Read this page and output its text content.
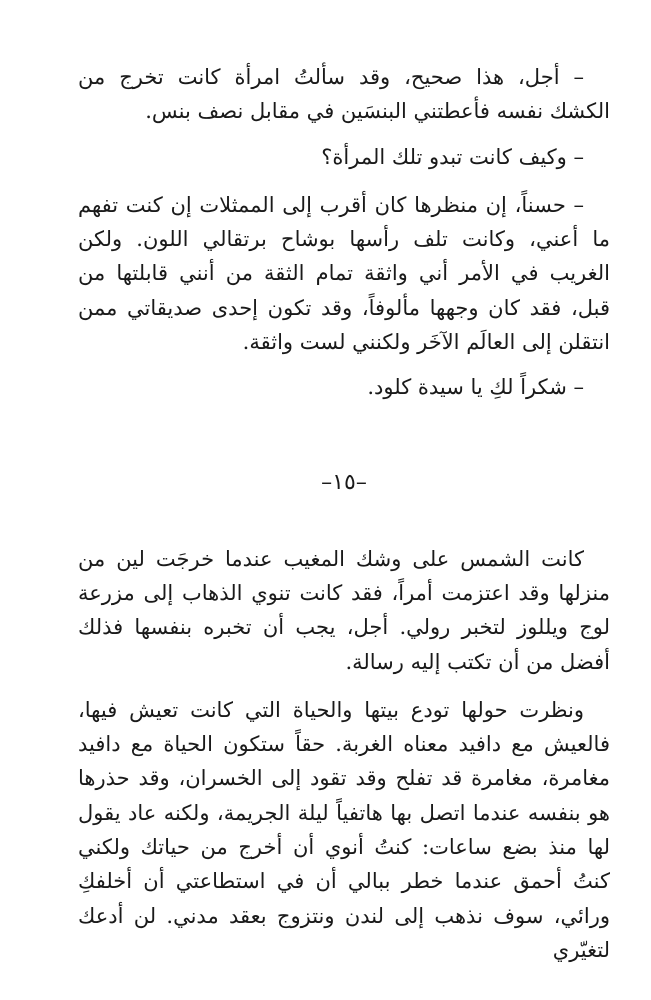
– أجل، هذا صحيح، وقد سألتُ امرأة كانت تخرج من الكشك نفسه فأعطتني البنسَين في مقابل نصف بنس.

– وكيف كانت تبدو تلك المرأة؟

– حسناً، إن منظرها كان أقرب إلى الممثلات إن كنت تفهم ما أعني، وكانت تلف رأسها بوشاح برتقالي اللون. ولكن الغريب في الأمر أني واثقة تمام الثقة من أنني قابلتها من قبل، فقد كان وجهها مألوفاً، وقد تكون إحدى صديقاتي ممن انتقلن إلى العالَم الآخَر ولكنني لست واثقة.

– شكراً لكِ يا سيدة كلود.

–١٥–

كانت الشمس على وشك المغيب عندما خرجَت لين من منزلها وقد اعتزمت أمراً، فقد كانت تنوي الذهاب إلى مزرعة لوج ويللوز لتخبر رولي. أجل، يجب أن تخبره بنفسها فذلك أفضل من أن تكتب إليه رسالة.

ونظرت حولها تودع بيتها والحياة التي كانت تعيش فيها، فالعيش مع دافيد معناه الغربة. حقاً ستكون الحياة مع دافيد مغامرة، مغامرة قد تفلح وقد تقود إلى الخسران، وقد حذرها هو بنفسه عندما اتصل بها هاتفياً ليلة الجريمة، ولكنه عاد يقول لها منذ بضع ساعات: كنتُ أنوي أن أخرج من حياتك ولكني كنتُ أحمق عندما خطر ببالي أن في استطاعتي أن أخلفكِ ورائي، سوف نذهب إلى لندن ونتزوج بعقد مدني. لن أدعك لتغيّري
